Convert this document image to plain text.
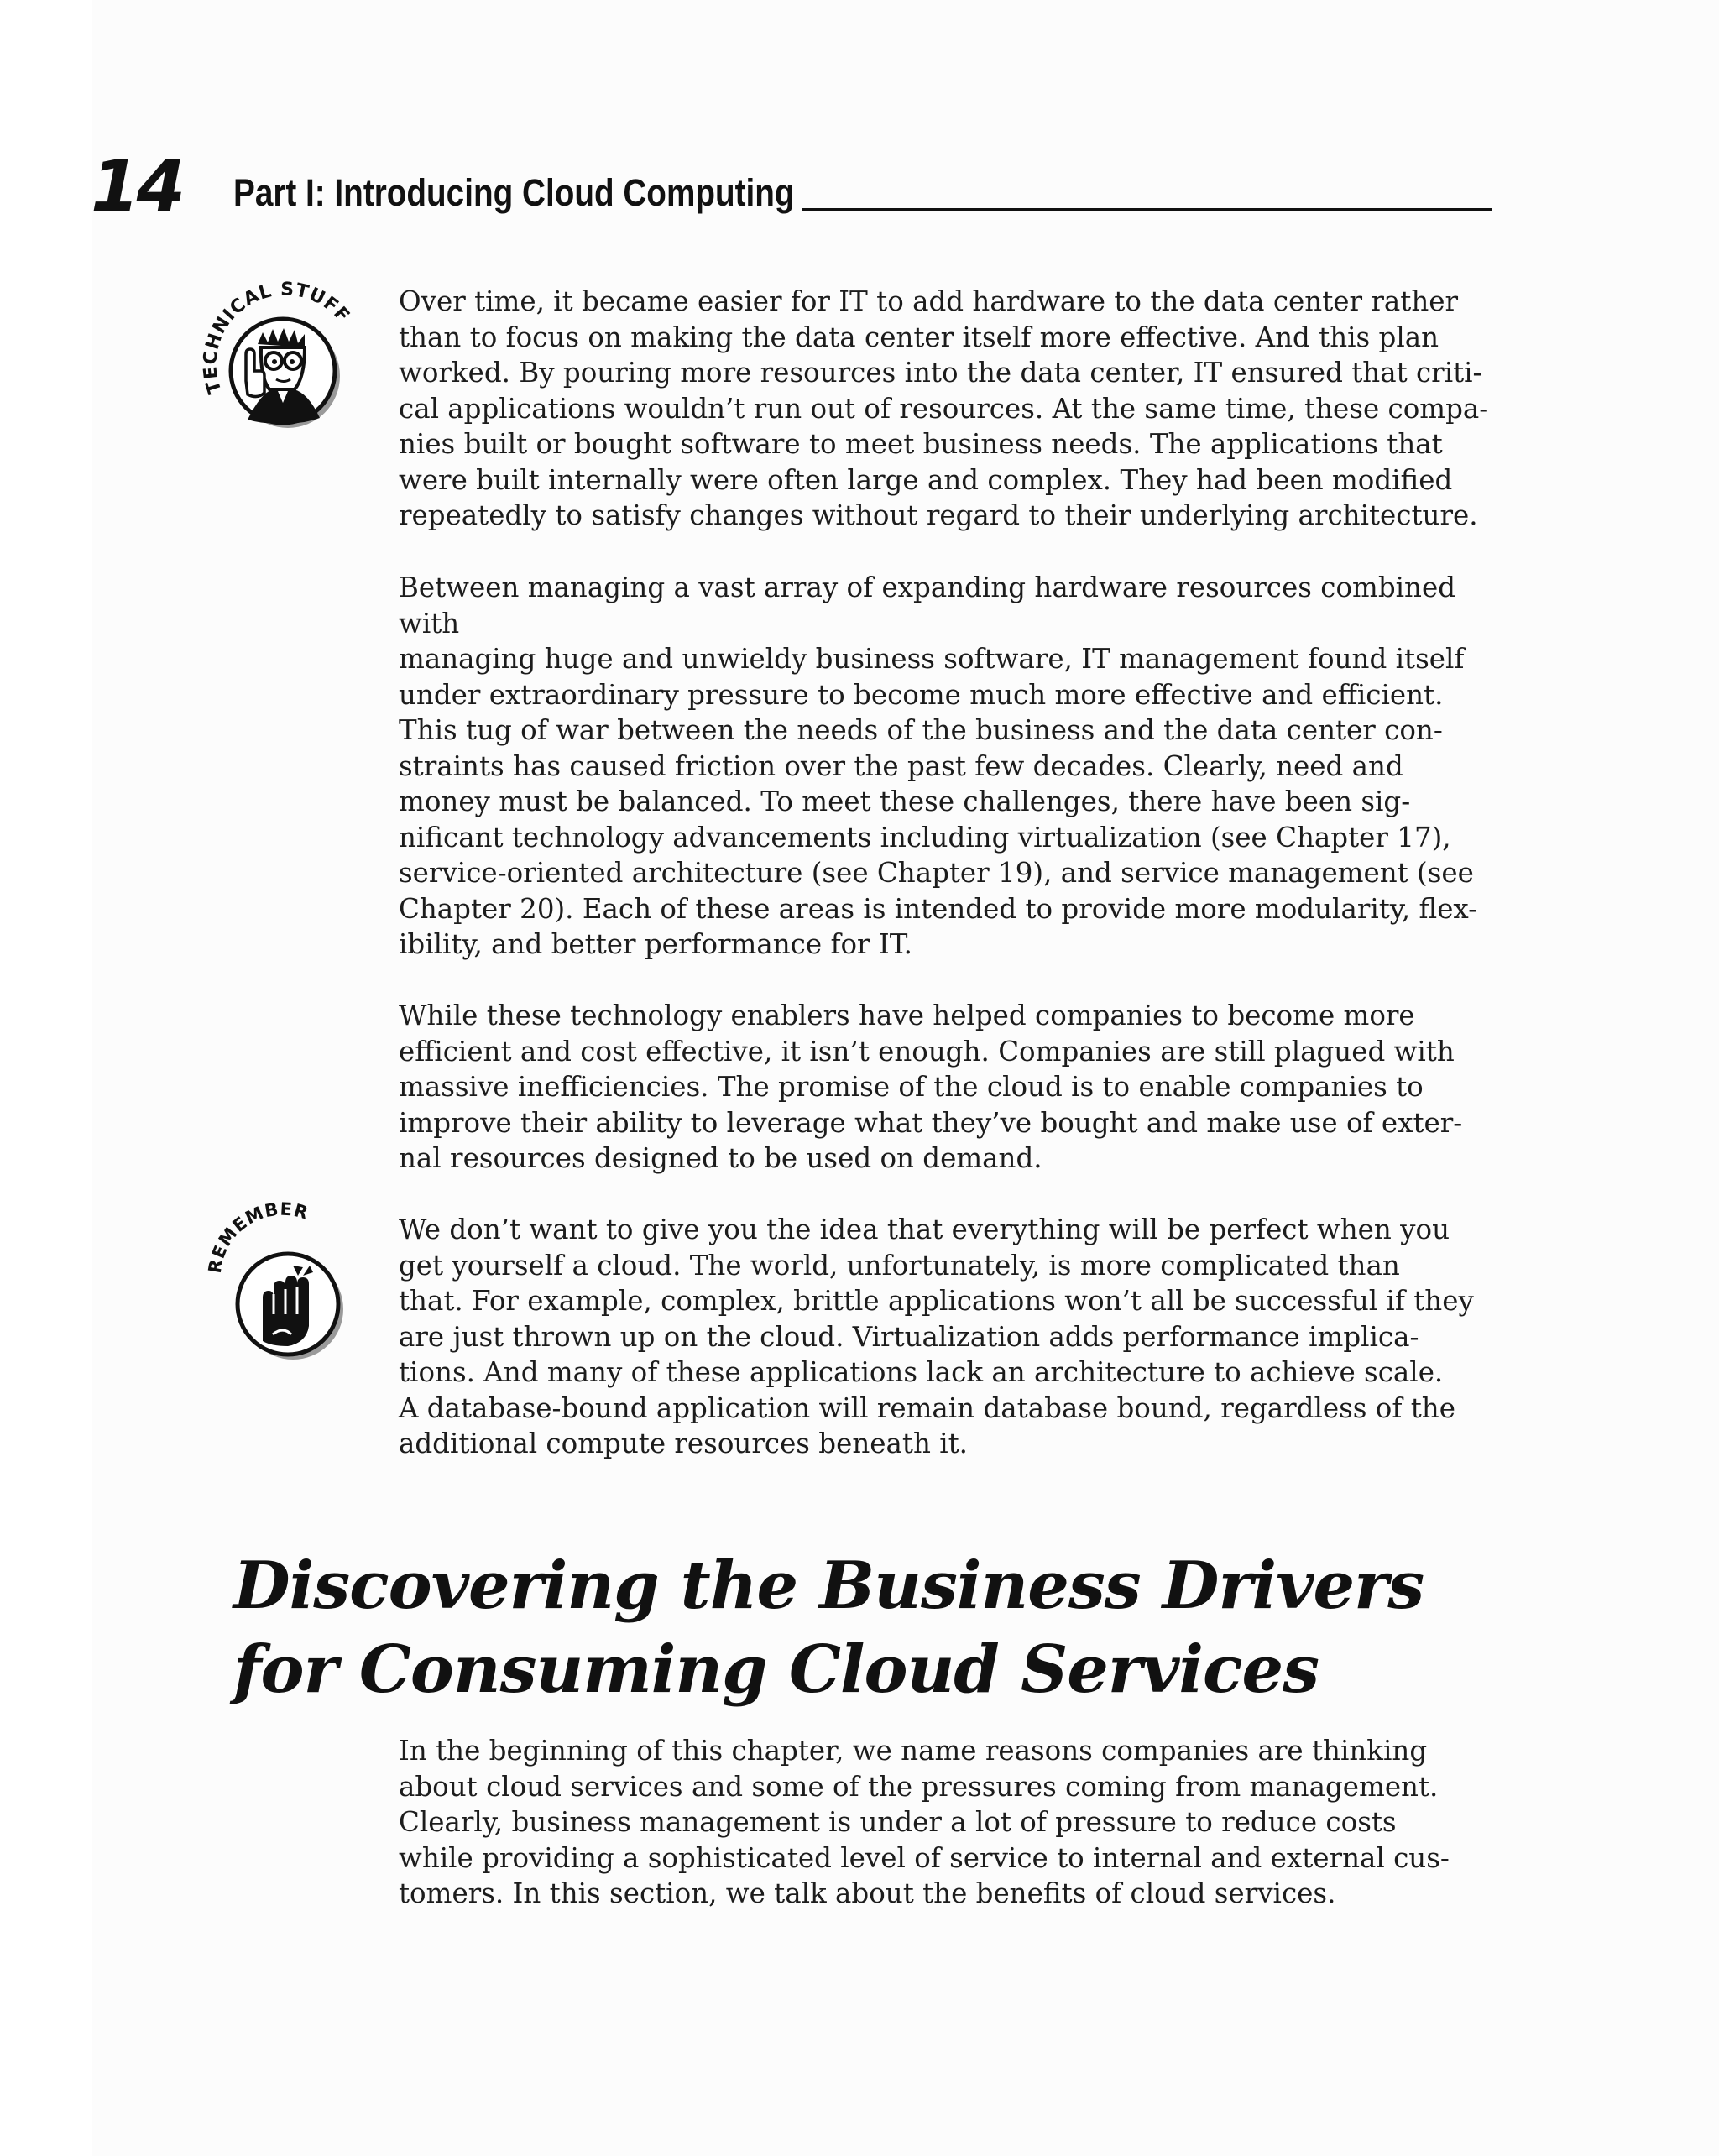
14 Part I: Introducing Cloud Computing
TECHNICAL STUFF
REMEMBER

Over time, it became easier for IT to add hardware to the data center rather
than to focus on making the data center itself more effective. And this plan
worked. By pouring more resources into the data center, IT ensured that criti-
cal applications wouldn’t run out of resources. At the same time, these compa-
nies built or bought software to meet business needs. The applications that
were built internally were often large and complex. They had been modified
repeatedly to satisfy changes without regard to their underlying architecture.

Between managing a vast array of expanding hardware resources combined with
managing huge and unwieldy business software, IT management found itself
under extraordinary pressure to become much more effective and efficient.

This tug of war between the needs of the business and the data center con-
straints has caused friction over the past few decades. Clearly, need and
money must be balanced. To meet these challenges, there have been sig-
nificant technology advancements including virtualization (see Chapter 17),
service-oriented architecture (see Chapter 19), and service management (see
Chapter 20). Each of these areas is intended to provide more modularity, flex-
ibility, and better performance for IT.

While these technology enablers have helped companies to become more
efficient and cost effective, it isn’t enough. Companies are still plagued with
massive inefficiencies. The promise of the cloud is to enable companies to
improve their ability to leverage what they’ve bought and make use of exter-
nal resources designed to be used on demand.

We don’t want to give you the idea that everything will be perfect when you
get yourself a cloud. The world, unfortunately, is more complicated than
that. For example, complex, brittle applications won’t all be successful if they
are just thrown up on the cloud. Virtualization adds performance implica-
tions. And many of these applications lack an architecture to achieve scale.
A database-bound application will remain database bound, regardless of the
additional compute resources beneath it.

Discovering the Business Drivers
for Consuming Cloud Services

In the beginning of this chapter, we name reasons companies are thinking
about cloud services and some of the pressures coming from management.
Clearly, business management is under a lot of pressure to reduce costs
while providing a sophisticated level of service to internal and external cus-
tomers. In this section, we talk about the benefits of cloud services.
